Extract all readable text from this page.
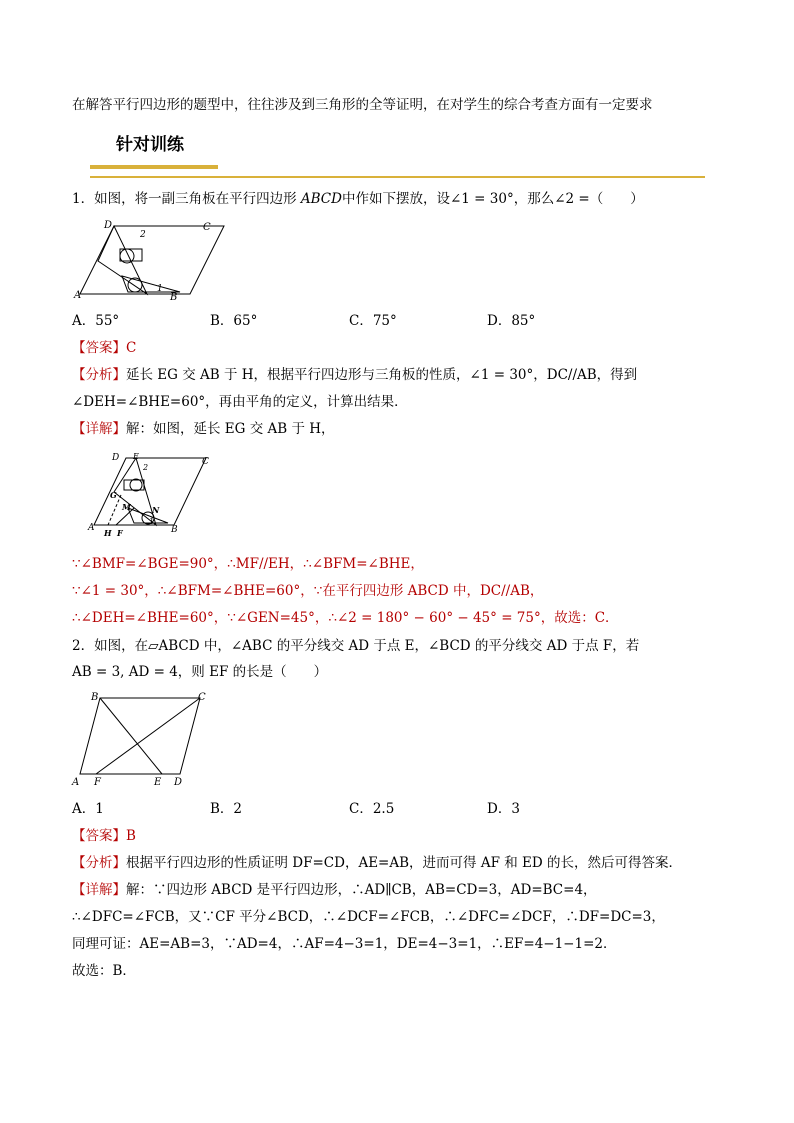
在解答平行四边形的题型中，往往涉及到三角形的全等证明，在对学生的综合考查方面有一定要求
针对训练
1．如图，将一副三角板在平行四边形 ABCD中作如下摆放，设∠1 = 30°，那么∠2 =（　　）
D	C
A	B
2
1
A．55°	B．65°	C．75°	D．85°
【答案】C
【分析】延长 EG 交 AB 于 H，根据平行四边形与三角板的性质，∠1 = 30°，DC//AB，得到
∠DEH=∠BHE=60°，再由平角的定义，计算出结果．
【详解】解：如图，延长 EG 交 AB 于 H，
D E
2
C
G
M	N
1
A H F	B
∵∠BMF=∠BGE=90°，∴MF//EH，∴∠BFM=∠BHE，
∵∠1 = 30°，∴∠BFM=∠BHE=60°，∵在平行四边形 ABCD 中，DC//AB，
∴∠DEH=∠BHE=60°，∵∠GEN=45°，∴∠2 = 180° − 60° − 45° = 75°，故选：C．
2．如图，在▱ABCD 中，∠ABC 的平分线交 AD 于点 E，∠BCD 的平分线交 AD 于点 F，若
AB = 3, AD = 4，则 EF 的长是（　　）
B	C
A F	E D
A．1	B．2	C．2.5	D．3
【答案】B
【分析】根据平行四边形的性质证明 DF=CD，AE=AB，进而可得 AF 和 ED 的长，然后可得答案．
【详解】解：∵四边形 ABCD 是平行四边形，∴AD∥CB，AB=CD=3，AD=BC=4，
∴∠DFC=∠FCB，又∵CF 平分∠BCD，∴∠DCF=∠FCB，∴∠DFC=∠DCF，∴DF=DC=3，
同理可证：AE=AB=3，∵AD=4，∴AF=4−3=1，DE=4−3=1，∴EF=4−1−1=2．
故选：B．
